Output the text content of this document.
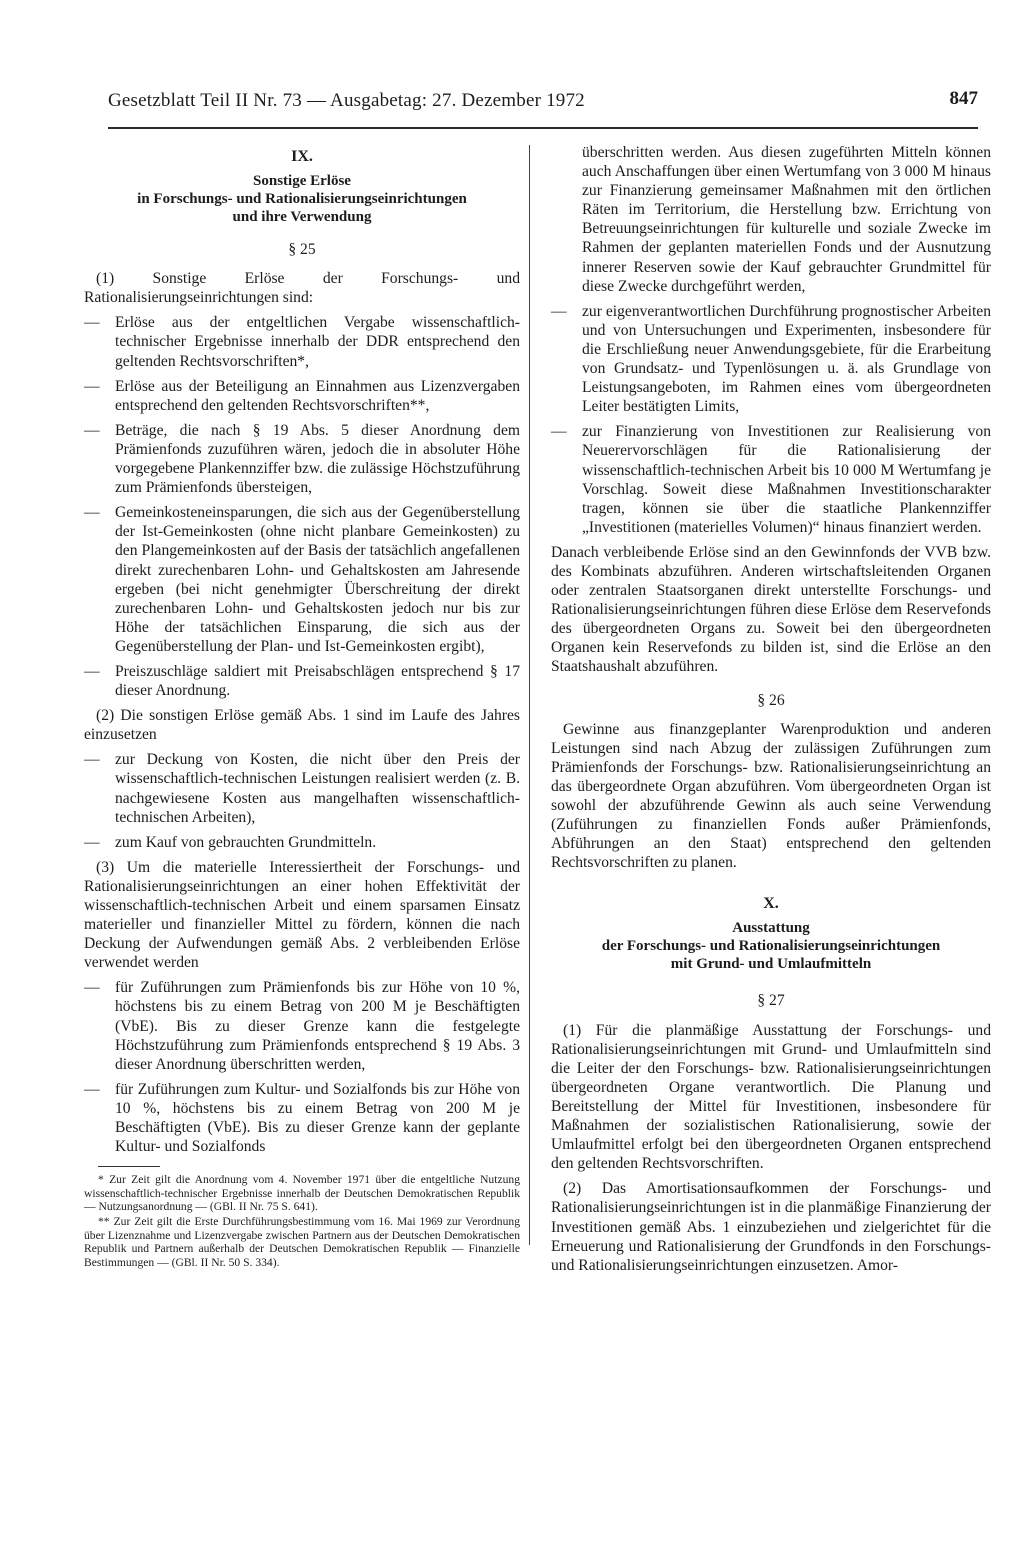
Gesetzblatt Teil II Nr. 73 — Ausgabetag: 27. Dezember 1972	847
IX.
Sonstige Erlöse
in Forschungs- und Rationalisierungseinrichtungen
und ihre Verwendung
§ 25

(1) Sonstige Erlöse der Forschungs- und Rationalisierungseinrichtungen sind:

— Erlöse aus der entgeltlichen Vergabe wissenschaftlich-technischer Ergebnisse innerhalb der DDR entsprechend den geltenden Rechtsvorschriften*,
— Erlöse aus der Beteiligung an Einnahmen aus Lizenzvergaben entsprechend den geltenden Rechtsvorschriften**,
— Beträge, die nach § 19 Abs. 5 dieser Anordnung dem Prämienfonds zuzuführen wären, jedoch die in absoluter Höhe vorgegebene Plankennziffer bzw. die zulässige Höchstzuführung zum Prämienfonds übersteigen,
— Gemeinkosteneinsparungen, die sich aus der Gegenüberstellung der Ist-Gemeinkosten (ohne nicht planbare Gemeinkosten) zu den Plangemeinkosten auf der Basis der tatsächlich angefallenen direkt zurechenbaren Lohn- und Gehaltskosten am Jahresende ergeben (bei nicht genehmigter Überschreitung der direkt zurechenbaren Lohn- und Gehaltskosten jedoch nur bis zur Höhe der tatsächlichen Einsparung, die sich aus der Gegenüberstellung der Plan- und Ist-Gemeinkosten ergibt),
— Preiszuschläge saldiert mit Preisabschlägen entsprechend § 17 dieser Anordnung.

(2) Die sonstigen Erlöse gemäß Abs. 1 sind im Laufe des Jahres einzusetzen

— zur Deckung von Kosten, die nicht über den Preis der wissenschaftlich-technischen Leistungen realisiert werden (z. B. nachgewiesene Kosten aus mangelhaften wissenschaftlich-technischen Arbeiten),
— zum Kauf von gebrauchten Grundmitteln.

(3) Um die materielle Interessiertheit der Forschungs- und Rationalisierungseinrichtungen an einer hohen Effektivität der wissenschaftlich-technischen Arbeit und einem sparsamen Einsatz materieller und finanzieller Mittel zu fördern, können die nach Deckung der Aufwendungen gemäß Abs. 2 verbleibenden Erlöse verwendet werden

— für Zuführungen zum Prämienfonds bis zur Höhe von 10 %, höchstens bis zu einem Betrag von 200 M je Beschäftigten (VbE). Bis zu dieser Grenze kann die festgelegte Höchstzuführung zum Prämienfonds entsprechend § 19 Abs. 3 dieser Anordnung überschritten werden,
— für Zuführungen zum Kultur- und Sozialfonds bis zur Höhe von 10 %, höchstens bis zu einem Betrag von 200 M je Beschäftigten (VbE). Bis zu dieser Grenze kann der geplante Kultur- und Sozialfonds

* Zur Zeit gilt die Anordnung vom 4. November 1971 über die entgeltliche Nutzung wissenschaftlich-technischer Ergebnisse innerhalb der Deutschen Demokratischen Republik — Nutzungsanordnung — (GBl. II Nr. 75 S. 641).

** Zur Zeit gilt die Erste Durchführungsbestimmung vom 16. Mai 1969 zur Verordnung über Lizenznahme und Lizenzvergabe zwischen Partnern aus der Deutschen Demokratischen Republik und Partnern außerhalb der Deutschen Demokratischen Republik — Finanzielle Bestimmungen — (GBl. II Nr. 50 S. 334).

überschritten werden. Aus diesen zugeführten Mitteln können auch Anschaffungen über einen Wertumfang von 3 000 M hinaus zur Finanzierung gemeinsamer Maßnahmen mit den örtlichen Räten im Territorium, die Herstellung bzw. Errichtung von Betreuungseinrichtungen für kulturelle und soziale Zwecke im Rahmen der geplanten materiellen Fonds und der Ausnutzung innerer Reserven sowie der Kauf gebrauchter Grundmittel für diese Zwecke durchgeführt werden,

— zur eigenverantwortlichen Durchführung prognostischer Arbeiten und von Untersuchungen und Experimenten, insbesondere für die Erschließung neuer Anwendungsgebiete, für die Erarbeitung von Grundsatz- und Typenlösungen u. ä. als Grundlage von Leistungsangeboten, im Rahmen eines vom übergeordneten Leiter bestätigten Limits,
— zur Finanzierung von Investitionen zur Realisierung von Neuerervorschlägen für die Rationalisierung der wissenschaftlich-technischen Arbeit bis 10 000 M Wertumfang je Vorschlag. Soweit diese Maßnahmen Investitionscharakter tragen, können sie über die staatliche Plankennziffer „Investitionen (materielles Volumen)“ hinaus finanziert werden.

Danach verbleibende Erlöse sind an den Gewinnfonds der VVB bzw. des Kombinats abzuführen. Anderen wirtschaftsleitenden Organen oder zentralen Staatsorganen direkt unterstellte Forschungs- und Rationalisierungseinrichtungen führen diese Erlöse dem Reservefonds des übergeordneten Organs zu. Soweit bei den übergeordneten Organen kein Reservefonds zu bilden ist, sind die Erlöse an den Staatshaushalt abzuführen.

§ 26

Gewinne aus finanzgeplanter Warenproduktion und anderen Leistungen sind nach Abzug der zulässigen Zuführungen zum Prämienfonds der Forschungs- bzw. Rationalisierungseinrichtung an das übergeordnete Organ abzuführen. Vom übergeordneten Organ ist sowohl der abzuführende Gewinn als auch seine Verwendung (Zuführungen zu finanziellen Fonds außer Prämienfonds, Abführungen an den Staat) entsprechend den geltenden Rechtsvorschriften zu planen.

X.
Ausstattung
der Forschungs- und Rationalisierungseinrichtungen
mit Grund- und Umlaufmitteln
§ 27

(1) Für die planmäßige Ausstattung der Forschungs- und Rationalisierungseinrichtungen mit Grund- und Umlaufmitteln sind die Leiter der den Forschungs- bzw. Rationalisierungseinrichtungen übergeordneten Organe verantwortlich. Die Planung und Bereitstellung der Mittel für Investitionen, insbesondere für Maßnahmen der sozialistischen Rationalisierung, sowie der Umlaufmittel erfolgt bei den übergeordneten Organen entsprechend den geltenden Rechtsvorschriften.

(2) Das Amortisationsaufkommen der Forschungs- und Rationalisierungseinrichtungen ist in die planmäßige Finanzierung der Investitionen gemäß Abs. 1 einzubeziehen und zielgerichtet für die Erneuerung und Rationalisierung der Grundfonds in den Forschungs- und Rationalisierungseinrichtungen einzusetzen. Amor-
